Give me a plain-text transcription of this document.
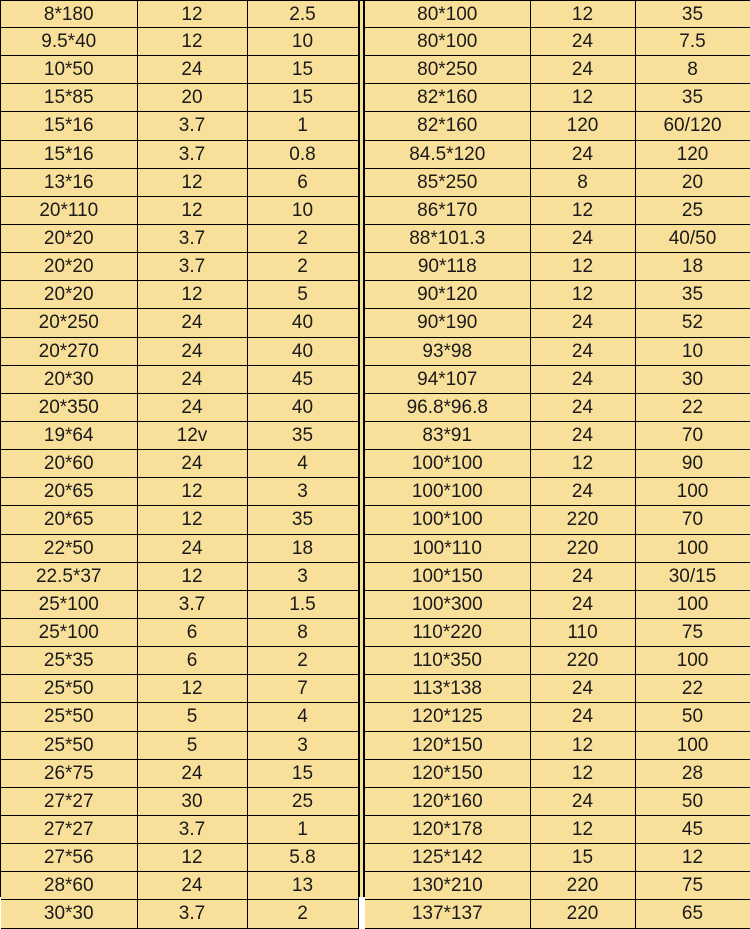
8*180	12	2.5
9.5*40	12	10
10*50	24	15
15*85	20	15
15*16	3.7	1
15*16	3.7	0.8
13*16	12	6
20*110	12	10
20*20	3.7	2
20*20	3.7	2
20*20	12	5
20*250	24	40
20*270	24	40
20*30	24	45
20*350	24	40
19*64	12v	35
20*60	24	4
20*65	12	3
20*65	12	35
22*50	24	18
22.5*37	12	3
25*100	3.7	1.5
25*100	6	8
25*35	6	2
25*50	12	7
25*50	5	4
25*50	5	3
26*75	24	15
27*27	30	25
27*27	3.7	1
27*56	12	5.8
28*60	24	13
30*30	3.7	2
80*100	12	35
80*100	24	7.5
80*250	24	8
82*160	12	35
82*160	120	60/120
84.5*120	24	120
85*250	8	20
86*170	12	25
88*101.3	24	40/50
90*118	12	18
90*120	12	35
90*190	24	52
93*98	24	10
94*107	24	30
96.8*96.8	24	22
83*91	24	70
100*100	12	90
100*100	24	100
100*100	220	70
100*110	220	100
100*150	24	30/15
100*300	24	100
110*220	110	75
110*350	220	100
113*138	24	22
120*125	24	50
120*150	12	100
120*150	12	28
120*160	24	50
120*178	12	45
125*142	15	12
130*210	220	75
137*137	220	65
